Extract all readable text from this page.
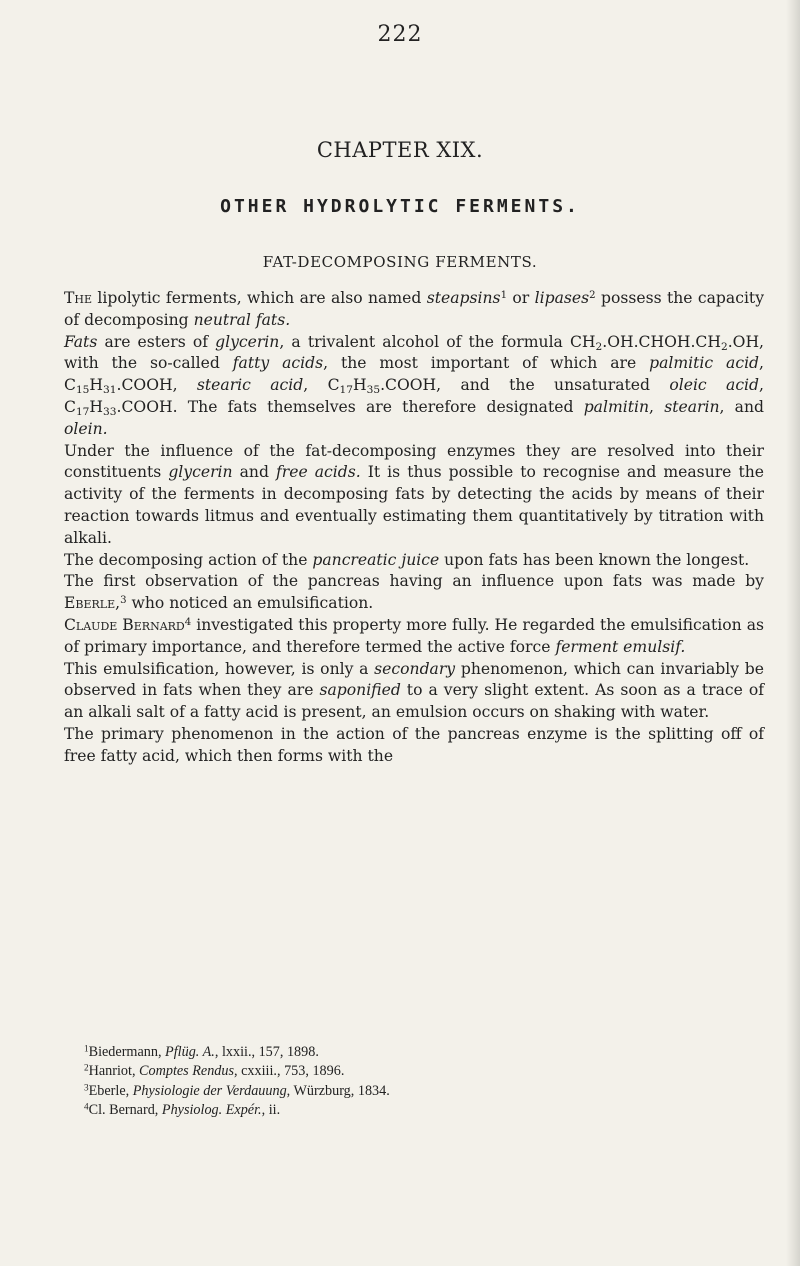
222
CHAPTER XIX.
OTHER HYDROLYTIC FERMENTS.
FAT-DECOMPOSING FERMENTS.

The lipolytic ferments, which are also named steapsins$^1$ or lipases$^2$ possess the capacity of decomposing neutral fats.

Fats are esters of glycerin, a trivalent alcohol of the formula $CH_2.OH.CHOH.CH_2.OH$, with the so-called fatty acids, the most important of which are palmitic acid, $C_{15}H_{31}.COOH$, stearic acid, $C_{17}H_{35}.COOH$, and the unsaturated oleic acid, $C_{17}H_{33}.COOH$. The fats themselves are therefore designated palmitin, stearin, and olein.

Under the influence of the fat-decomposing enzymes they are resolved into their constituents glycerin and free acids. It is thus possible to recognise and measure the activity of the ferments in decomposing fats by detecting the acids by means of their reaction towards litmus and eventually estimating them quantitatively by titration with alkali.

The decomposing action of the pancreatic juice upon fats has been known the longest.

The first observation of the pancreas having an influence upon fats was made by Eberle,$^3$ who noticed an emulsification.

Claude Bernard$^4$ investigated this property more fully. He regarded the emulsification as of primary importance, and therefore termed the active force ferment emulsif.

This emulsification, however, is only a secondary phenomenon, which can invariably be observed in fats when they are saponified to a very slight extent. As soon as a trace of an alkali salt of a fatty acid is present, an emulsion occurs on shaking with water.

The primary phenomenon in the action of the pancreas enzyme is the splitting off of free fatty acid, which then forms with the

$^1$Biedermann, Pflüg. A., lxxii., 157, 1898.
$^2$Hanriot, Comptes Rendus, cxxiii., 753, 1896.
$^3$Eberle, Physiologie der Verdauung, Würzburg, 1834.
$^4$Cl. Bernard, Physiolog. Expér., ii.
